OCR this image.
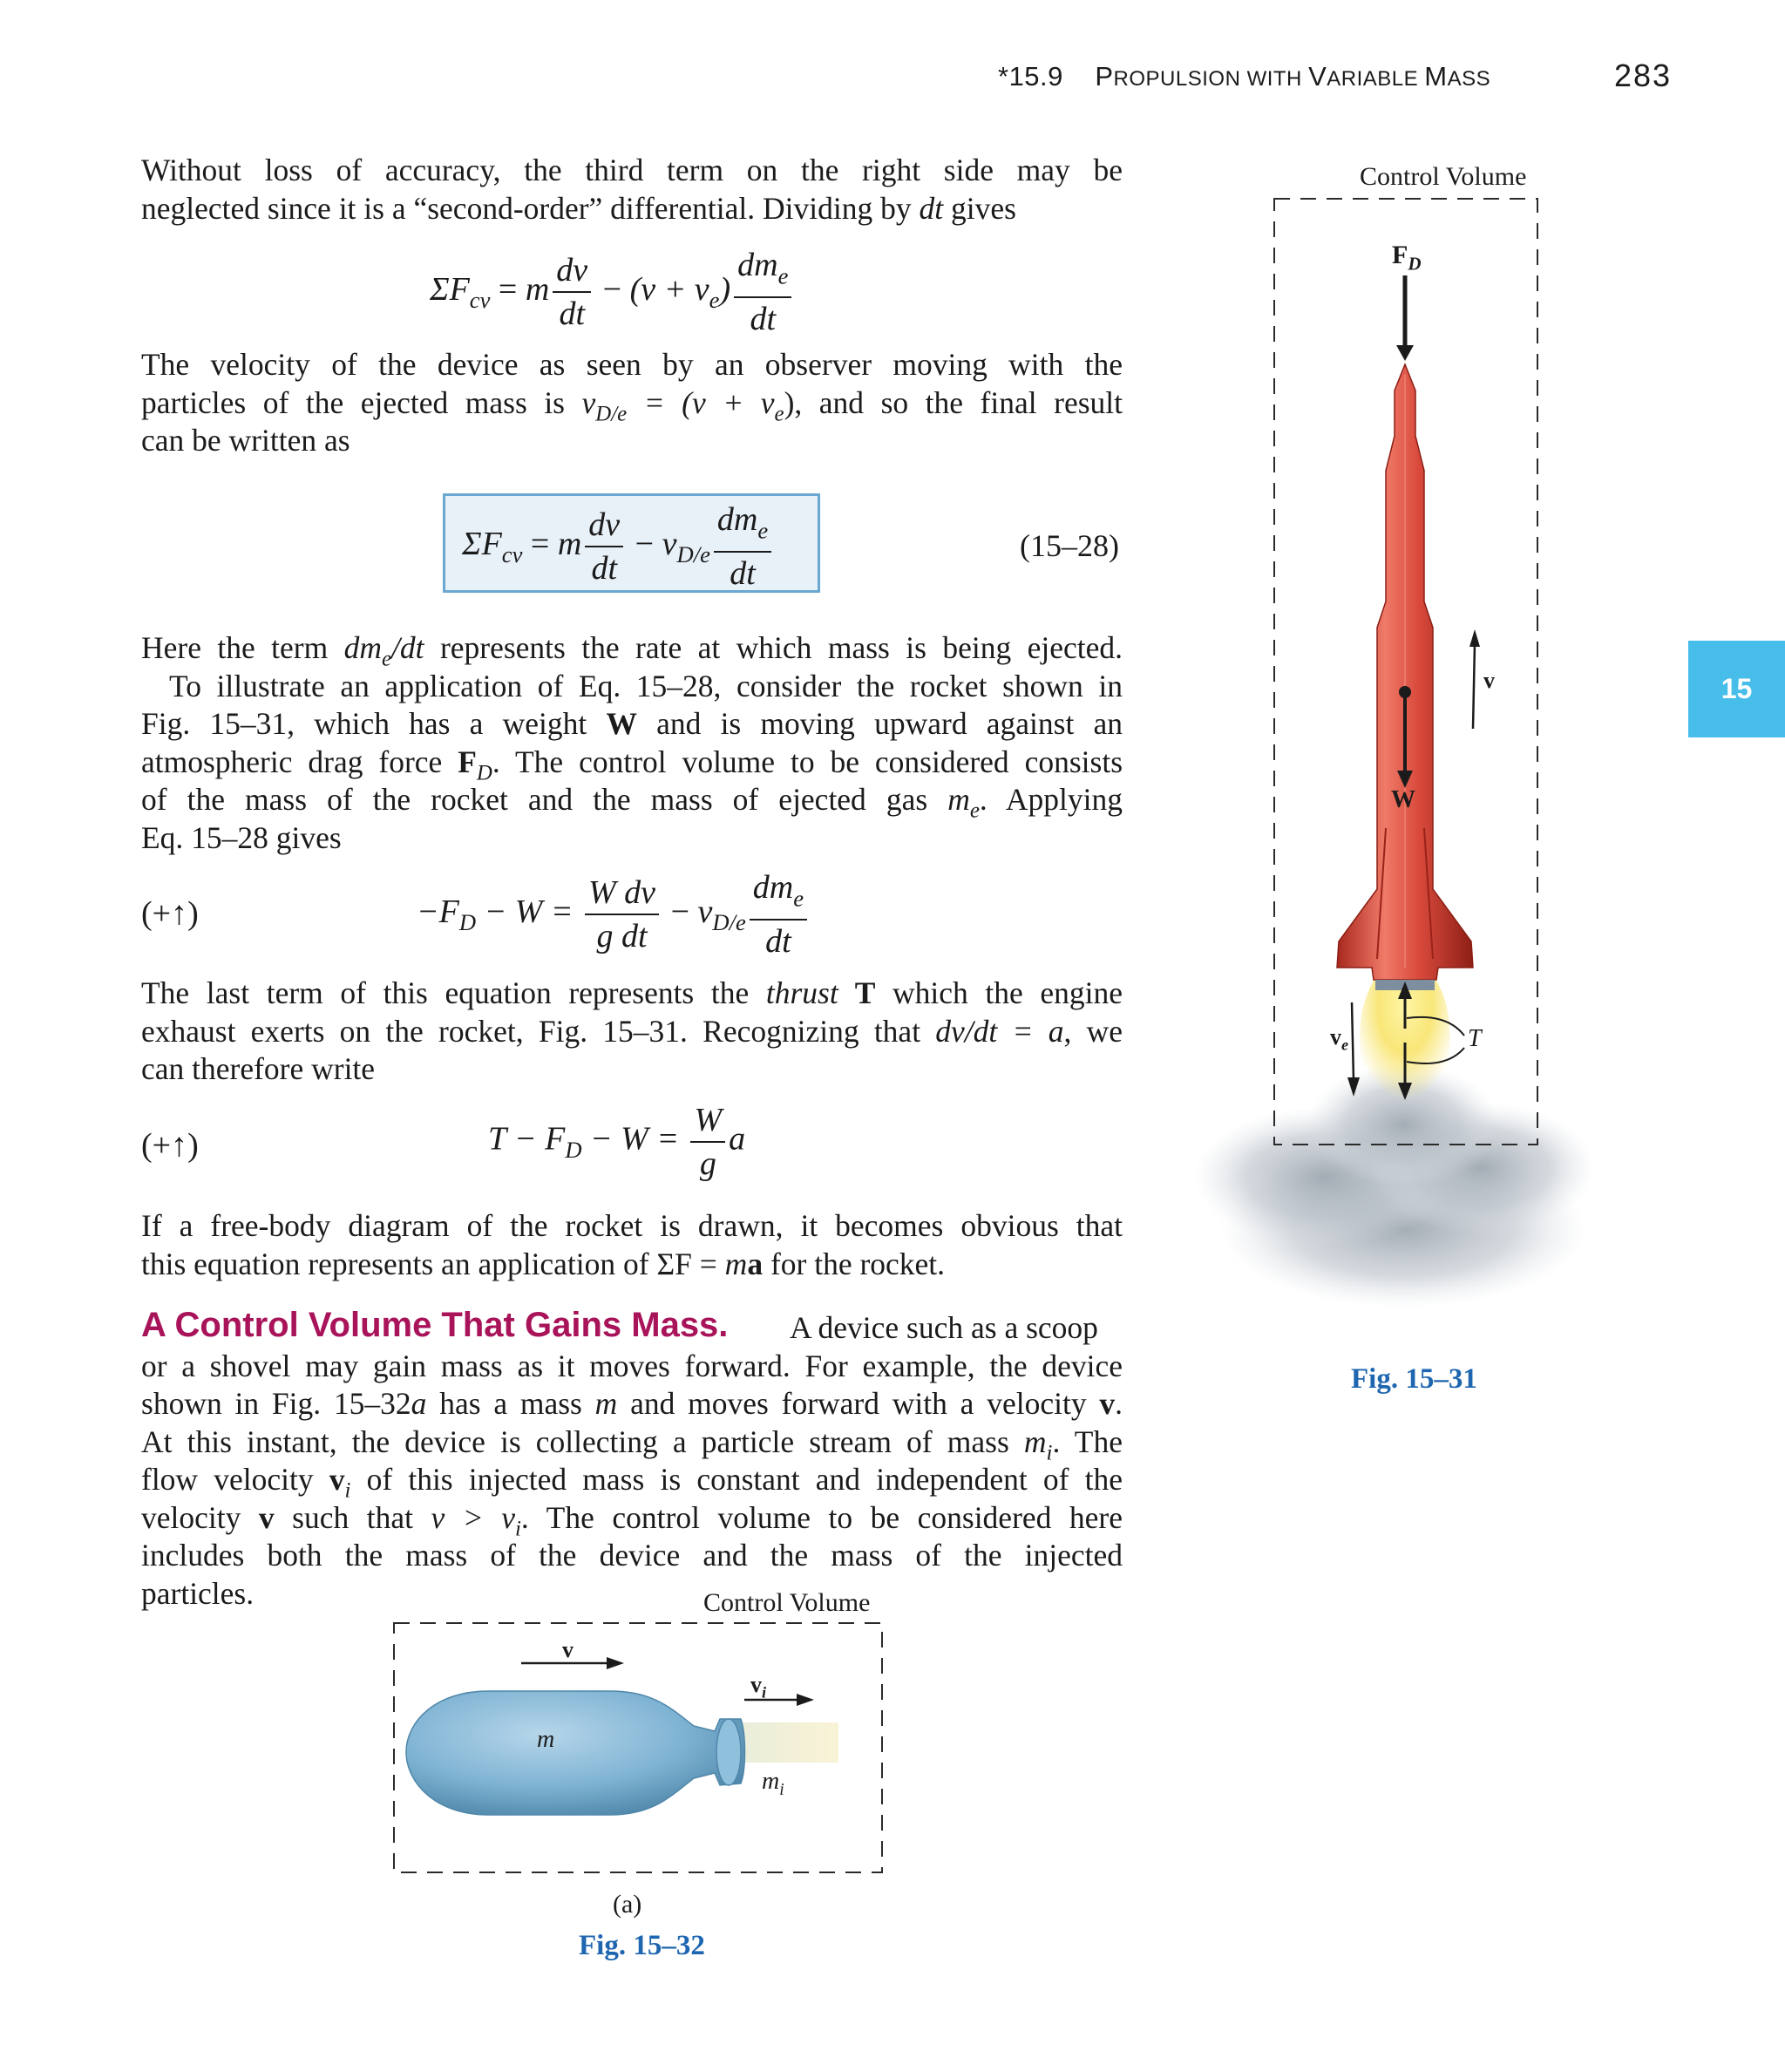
*15.9 PROPULSION WITH VARIABLE MASS	283
15
Without loss of accuracy, the third term on the right side may be
neglected since it is a “second-order” differential. Dividing by dt gives
$\Sigma F_{cv} = m \frac{dv}{dt} - (v + v_e) \frac{dm_e}{dt}$
The velocity of the device as seen by an observer moving with the
particles of the ejected mass is $v_{D/e} = (v + v_e)$, and so the final result
can be written as
$\Sigma F_{cv} = m \frac{dv}{dt} - v_{D/e} \frac{dm_e}{dt}$	(15–28)
Here the term $dm_e/dt$ represents the rate at which mass is being ejected.
To illustrate an application of Eq. 15–28, consider the rocket shown in
Fig. 15–31, which has a weight W and is moving upward against an
atmospheric drag force $F_D$. The control volume to be considered consists
of the mass of the rocket and the mass of ejected gas $m_e$. Applying
Eq. 15–28 gives
(+↑)	$-F_D - W = \frac{\text{W dv}}{\text{g dt}} - v_{D/e} \frac{dm_e}{dt}$
The last term of this equation represents the thrust T which the engine
exhaust exerts on the rocket, Fig. 15–31. Recognizing that dv/dt = a, we
can therefore write
(+↑)	$T - F_D - W = \frac{W}{g}$ a
If a free-body diagram of the rocket is drawn, it becomes obvious that
this equation represents an application of ΣF = ma for the rocket.
A Control Volume That Gains Mass. A device such as a scoop
or a shovel may gain mass as it moves forward. For example, the device
shown in Fig. 15–32a has a mass m and moves forward with a velocity v.
At this instant, the device is collecting a particle stream of mass $m_i$. The
flow velocity $v_i$ of this injected mass is constant and independent of the
velocity v such that $v > v_i$. The control volume to be considered here
includes both the mass of the device and the mass of the injected
particles.
Control Volume
$F_D$
v
W
$v_e$	T
Fig. 15–31
Control Volume
v
$v_i$
m
$m_i$
(a)
Fig. 15–32
